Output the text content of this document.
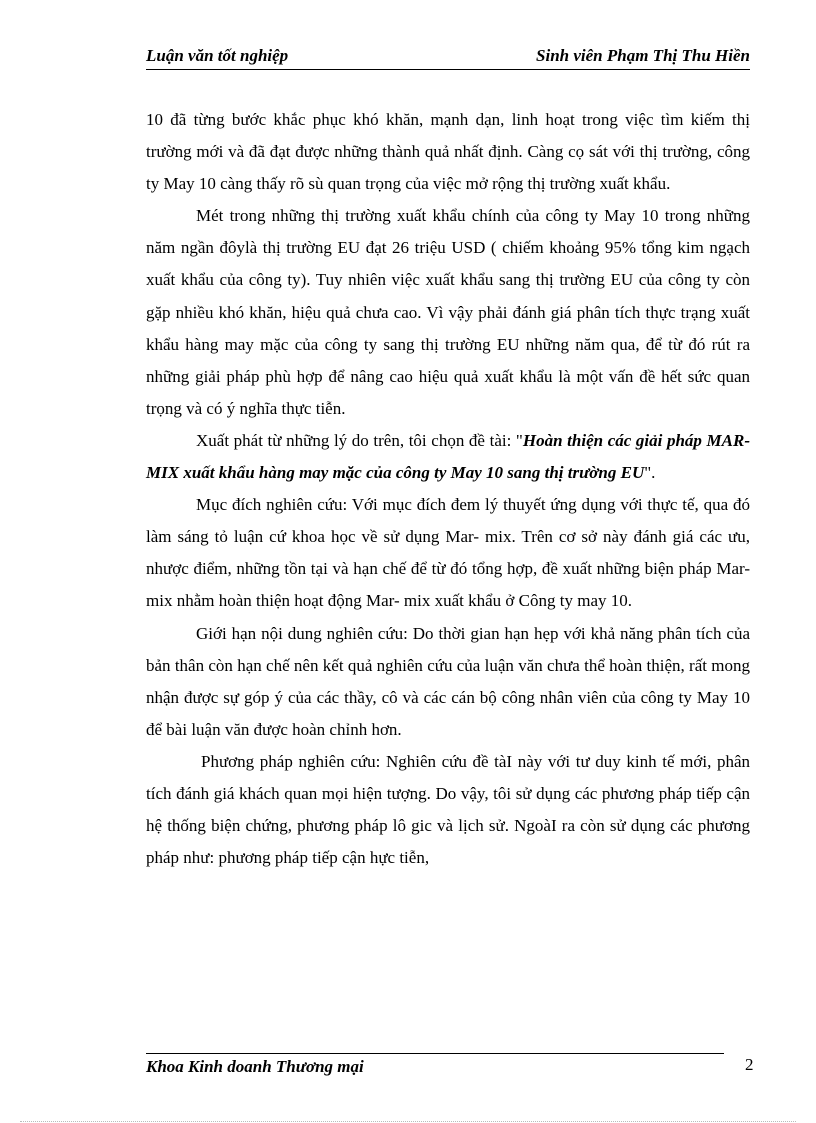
Luận văn tốt nghiệp	Sinh viên Phạm Thị Thu Hiền

10 đã từng bước khắc phục khó khăn, mạnh dạn, linh hoạt trong việc tìm kiếm thị trường mới và đã đạt được những thành quả nhất định. Càng cọ sát với thị trường, công ty May 10 càng thấy rõ sù quan trọng của việc mở rộng thị trường xuất khẩu.

Mét trong những thị trường xuất khẩu chính của công ty May 10 trong những năm ngần đôylà thị trường EU đạt 26 triệu USD ( chiếm khoảng 95% tổng kim ngạch xuất khẩu của công ty). Tuy nhiên việc xuất khẩu sang thị trường EU của công ty còn gặp nhiều khó khăn, hiệu quả chưa cao. Vì vậy phải đánh giá phân tích thực trạng xuất khẩu hàng may mặc của công ty sang thị trường EU những năm qua, để từ đó rút ra những giải pháp phù hợp để nâng cao hiệu quả xuất khẩu là một vấn đề hết sức quan trọng và có ý nghĩa thực tiễn.

Xuất phát từ những lý do trên, tôi chọn đề tài: "Hoàn thiện các giải pháp MAR- MIX xuất khẩu hàng may mặc của công ty May 10 sang thị trường EU".

Mục đích nghiên cứu: Với mục đích đem lý thuyết ứng dụng với thực tế, qua đó làm sáng tỏ luận cứ khoa học về sử dụng Mar- mix. Trên cơ sở này đánh giá các ưu, nhược điểm, những tồn tại và hạn chế để từ đó tổng hợp, đề xuất những biện pháp Mar- mix nhằm hoàn thiện hoạt động Mar- mix xuất khẩu ở Công ty may 10.

Giới hạn nội dung nghiên cứu: Do thời gian hạn hẹp với khả năng phân tích của bản thân còn hạn chế nên kết quả nghiên cứu của luận văn chưa thể hoàn thiện, rất mong nhận được sự góp ý của các thầy, cô và các cán bộ công nhân viên của công ty May 10 để bài luận văn được hoàn chỉnh hơn.

Phương pháp nghiên cứu: Nghiên cứu đề tàI này với tư duy kinh tế mới, phân tích đánh giá khách quan mọi hiện tượng. Do vậy, tôi sử dụng các phương pháp tiếp cận hệ thống biện chứng, phương pháp lô gic và lịch sử. NgoàI ra còn sử dụng các phương pháp như: phương pháp tiếp cận hực tiễn,

Khoa Kinh doanh Thương mại	2
